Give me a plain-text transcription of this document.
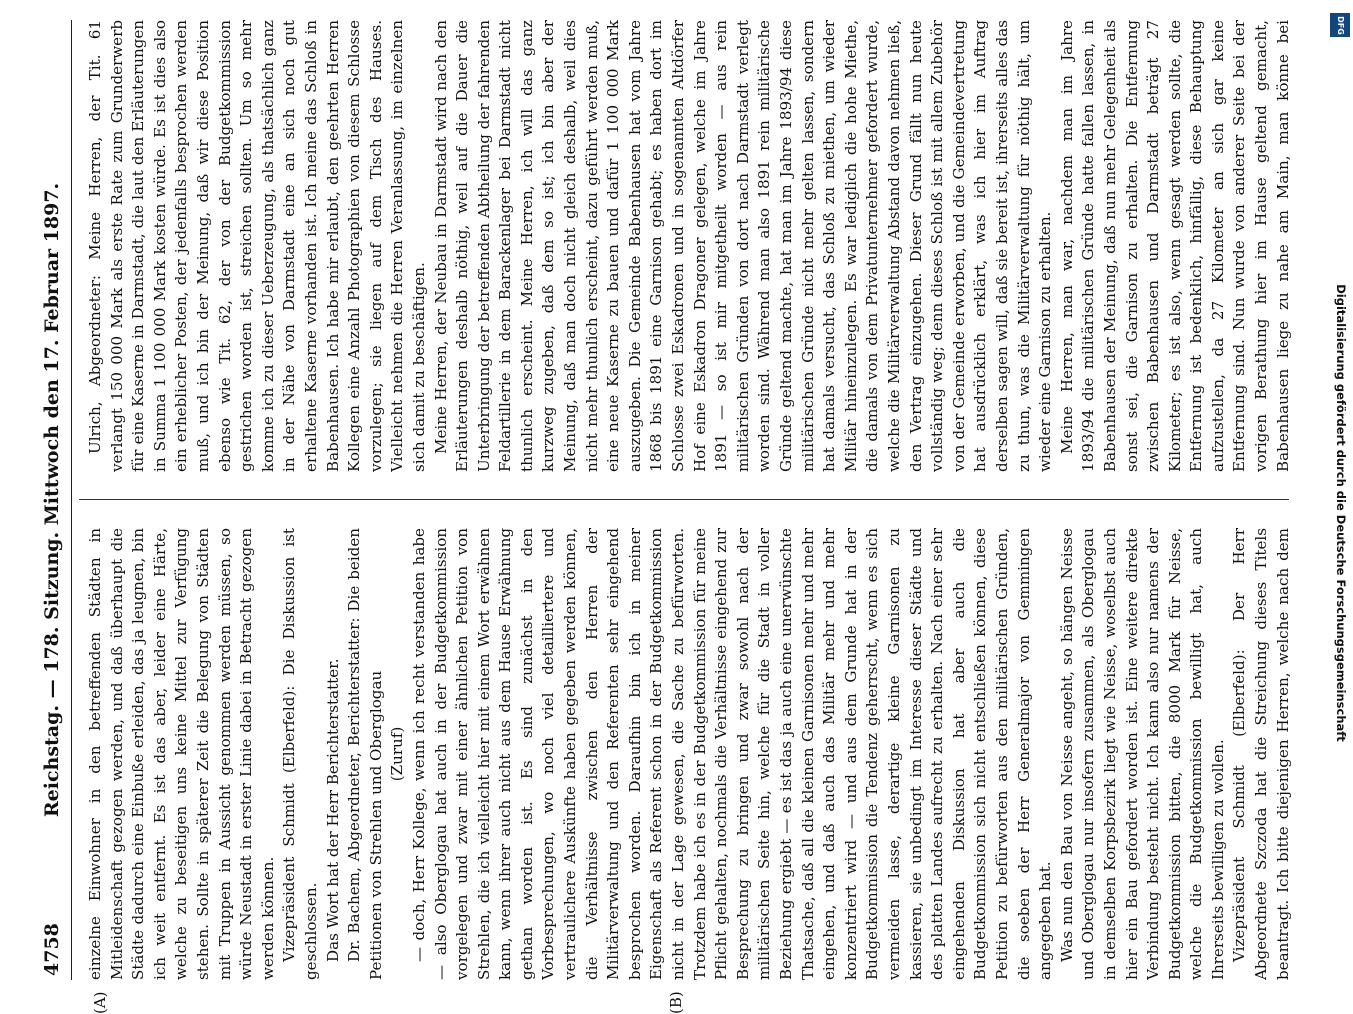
4758
Reichstag. — 178. Sitzung. Mittwoch den 17. Februar 1897.
(A)	(B)

einzelne Einwohner in den betreffenden Städten in Mitleidenschaft gezogen werden, und daß überhaupt die Städte dadurch eine Einbuße erleiden, das ja leugnen, bin ich weit entfernt. Es ist das aber, leider eine Härte, welche zu beseitigen uns keine Mittel zur Verfügung stehen. Sollte in späterer Zeit die Belegung von Städten mit Truppen in Aussicht genommen werden müssen, so würde Neustadt in erster Linie dabei in Betracht gezogen werden können. Vizepräsident Schmidt (Elberfeld): Die Diskussion ist geschlossen. Das Wort hat der Herr Berichterstatter. Dr. Bachem, Abgeordneter, Berichterstatter: Die beiden Petitionen von Strehlen und Oberglogau (Zuruf) — doch, Herr Kollege, wenn ich recht verstanden habe — also Oberglogau hat auch in der Budgetkommission vorgelegen und zwar mit einer ähnlichen Petition von Strehlen, die ich vielleicht hier mit einem Wort erwähnen kann, wenn ihrer auch nicht aus dem Hause Erwähnung gethan worden ist. Es sind zunächst in den Vorbesprechungen, wo noch viel detailliertere und vertraulichere Auskünfte haben gegeben werden können, die Verhältnisse zwischen den Herren der Militärverwaltung und den Referenten sehr eingehend besprochen worden. Daraufhin bin ich in meiner Eigenschaft als Referent schon in der Budgetkommission nicht in der Lage gewesen, die Sache zu befürworten. Trotzdem habe ich es in der Budgetkommission für meine Pflicht gehalten, nochmals die Verhältnisse eingehend zur Besprechung zu bringen und zwar sowohl nach der militärischen Seite hin, welche für die Stadt in voller Beziehung ergiebt — es ist das ja auch eine unerwünschte Thatsache, daß all die kleinen Garnisonen mehr und mehr eingehen, und daß auch das Militär mehr und mehr konzentriert wird — und aus dem Grunde hat in der Budgetkommission die Tendenz geherrscht, wenn es sich vermeiden lasse, derartige kleine Garnisonen zu kassieren, sie unbedingt im Interesse dieser Städte und des platten Landes aufrecht zu erhalten. Nach einer sehr eingehenden Diskussion hat aber auch die Budgetkommission sich nicht entschließen können, diese Petition zu befürworten aus den militärischen Gründen, die soeben der Herr Generalmajor von Gemmingen angegeben hat. Was nun den Bau von Neisse angeht, so hängen Neisse und Oberglogau nur insofern zusammen, als Oberglogau in demselben Korpsbezirk liegt wie Neisse, woselbst auch hier ein Bau gefordert worden ist. Eine weitere direkte Verbindung besteht nicht. Ich kann also nur namens der Budgetkommission bitten, die 8000 Mark für Neisse, welche die Budgetkommission bewilligt hat, auch Ihrerseits bewilligen zu wollen. Vizepräsident Schmidt (Elberfeld): Der Herr Abgeordnete Szczoda hat die Streichung dieses Titels beantragt. Ich bitte diejenigen Herren, welche nach dem

Ulrich, Abgeordneter: Meine Herren, der Tit. 61 verlangt 150 000 Mark als erste Rate zum Grunderwerb für eine Kaserne in Darmstadt, die laut den Erläuterungen in Summa 1 100 000 Mark kosten würde. Es ist dies also ein erheblicher Posten, der jedenfalls besprochen werden muß, und ich bin der Meinung, daß wir diese Position ebenso wie Tit. 62, der von der Budgetkommission gestrichen worden ist, streichen sollten. Um so mehr komme ich zu dieser Ueberzeugung, als thatsächlich ganz in der Nähe von Darmstadt eine an sich noch gut erhaltene Kaserne vorhanden ist. Ich meine das Schloß in Babenhausen. Ich habe mir erlaubt, den geehrten Herren Kollegen eine Anzahl Photographien von diesem Schlosse vorzulegen; sie liegen auf dem Tisch des Hauses. Vielleicht nehmen die Herren Veranlassung, im einzelnen sich damit zu beschäftigen. Meine Herren, der Neubau in Darmstadt wird nach den Erläuterungen deshalb nöthig, weil auf die Dauer die Unterbringung der betreffenden Abtheilung der fahrenden Feldartillerie in dem Barackenlager bei Darmstadt nicht thunlich erscheint. Meine Herren, ich will das ganz kurzweg zugeben, daß dem so ist; ich bin aber der Meinung, daß man doch nicht gleich deshalb, weil dies nicht mehr thunlich erscheint, dazu geführt werden muß, eine neue Kaserne zu bauen und dafür 1 100 000 Mark auszugeben. Die Gemeinde Babenhausen hat vom Jahre 1868 bis 1891 eine Garnison gehabt; es haben dort im Schlosse zwei Eskadronen und in sogenannten Altdörfer Hof eine Eskadron Dragoner gelegen, welche im Jahre 1891 — so ist mir mitgetheilt worden — aus rein militärischen Gründen von dort nach Darmstadt verlegt worden sind. Während man also 1891 rein militärische Gründe geltend machte, hat man im Jahre 1893/94 diese militärischen Gründe nicht mehr gelten lassen, sondern hat damals versucht, das Schloß zu miethen, um wieder Militär hineinzulegen. Es war lediglich die hohe Miethe, die damals von dem Privatunternehmer gefordert wurde, welche die Militärverwaltung Abstand davon nehmen ließ, den Vertrag einzugehen. Dieser Grund fällt nun heute vollständig weg; denn dieses Schloß ist mit allem Zubehör von der Gemeinde erworben, und die Gemeindevertretung hat ausdrücklich erklärt, was ich hier im Auftrag derselben sagen will, daß sie bereit ist, ihrerseits alles das zu thun, was die Militärverwaltung für nöthig hält, um wieder eine Garnison zu erhalten. Meine Herren, man war, nachdem man im Jahre 1893/94 die militärischen Gründe hatte fallen lassen, in Babenhausen der Meinung, daß nun mehr Gelegenheit als sonst sei, die Garnison zu erhalten. Die Entfernung zwischen Babenhausen und Darmstadt beträgt 27 Kilometer; es ist also, wenn gesagt werden sollte, die Entfernung ist bedenklich, hinfällig, diese Behauptung aufzustellen, da 27 Kilometer an sich gar keine Entfernung sind. Nun wurde von anderer Seite bei der vorigen Berathung hier im Hause geltend gemacht, Babenhausen liege zu nahe am Main, man könne bei	DFG
Digitalisierung gefördert durch die Deutsche Forschungsgemeinschaft
